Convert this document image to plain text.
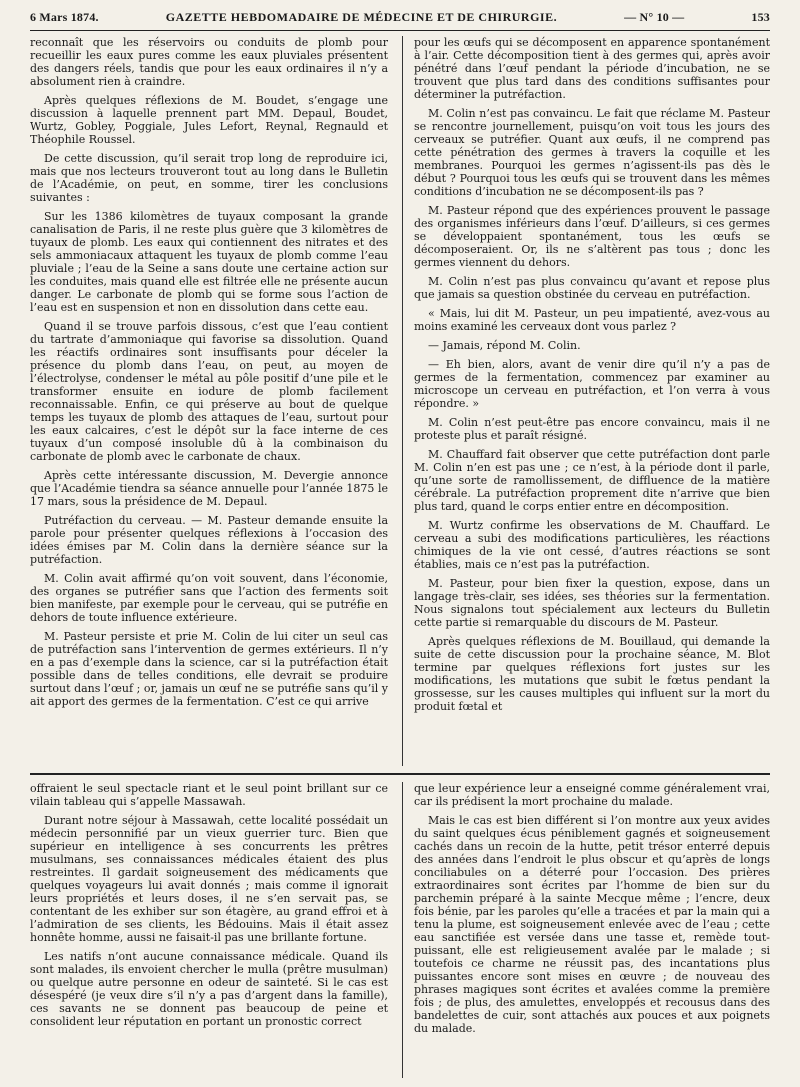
6 Mars 1874.	GAZETTE HEBDOMADAIRE DE MÉDECINE ET DE CHIRURGIE.	— N° 10 —	153

reconnaît que les réservoirs ou conduits de plomb pour recueillir les eaux pures comme les eaux pluviales présentent des dangers réels, tandis que pour les eaux ordinaires il n’y a absolument rien à craindre.

Après quelques réflexions de M. Boudet, s’engage une discussion à laquelle prennent part MM. Depaul, Boudet, Wurtz, Gobley, Poggiale, Jules Lefort, Reynal, Regnauld et Théophile Roussel.

De cette discussion, qu’il serait trop long de reproduire ici, mais que nos lecteurs trouveront tout au long dans le Bulletin de l’Académie, on peut, en somme, tirer les conclusions suivantes :

Sur les 1386 kilomètres de tuyaux composant la grande canalisation de Paris, il ne reste plus guère que 3 kilomètres de tuyaux de plomb. Les eaux qui contiennent des nitrates et des sels ammoniacaux attaquent les tuyaux de plomb comme l’eau pluviale ; l’eau de la Seine a sans doute une certaine action sur les conduites, mais quand elle est filtrée elle ne présente aucun danger. Le carbonate de plomb qui se forme sous l’action de l’eau est en suspension et non en dissolution dans cette eau.

Quand il se trouve parfois dissous, c’est que l’eau contient du tartrate d’ammoniaque qui favorise sa dissolution. Quand les réactifs ordinaires sont insuffisants pour déceler la présence du plomb dans l’eau, on peut, au moyen de l’électrolyse, condenser le métal au pôle positif d’une pile et le transformer ensuite en iodure de plomb facilement reconnaissable. Enfin, ce qui préserve au bout de quelque temps les tuyaux de plomb des attaques de l’eau, surtout pour les eaux calcaires, c’est le dépôt sur la face interne de ces tuyaux d’un composé insoluble dû à la combinaison du carbonate de plomb avec le carbonate de chaux.

Après cette intéressante discussion, M. Devergie annonce que l’Académie tiendra sa séance annuelle pour l’année 1875 le 17 mars, sous la présidence de M. Depaul.

Putréfaction du cerveau. — M. Pasteur demande ensuite la parole pour présenter quelques réflexions à l’occasion des idées émises par M. Colin dans la dernière séance sur la putréfaction.

M. Colin avait affirmé qu’on voit souvent, dans l’économie, des organes se putréfier sans que l’action des ferments soit bien manifeste, par exemple pour le cerveau, qui se putréfie en dehors de toute influence extérieure.

M. Pasteur persiste et prie M. Colin de lui citer un seul cas de putréfaction sans l’intervention de germes extérieurs. Il n’y en a pas d’exemple dans la science, car si la putréfaction était possible dans de telles conditions, elle devrait se produire surtout dans l’œuf ; or, jamais un œuf ne se putréfie sans qu’il y ait apport des germes de la fermentation. C’est ce qui arrive

pour les œufs qui se décomposent en apparence spontanément à l’air. Cette décomposition tient à des germes qui, après avoir pénétré dans l’œuf pendant la période d’incubation, ne se trouvent que plus tard dans des conditions suffisantes pour déterminer la putréfaction.

M. Colin n’est pas convaincu. Le fait que réclame M. Pasteur se rencontre journellement, puisqu’on voit tous les jours des cerveaux se putréfier. Quant aux œufs, il ne comprend pas cette pénétration des germes à travers la coquille et les membranes. Pourquoi les germes n’agissent-ils pas dès le début ? Pourquoi tous les œufs qui se trouvent dans les mêmes conditions d’incubation ne se décomposent-ils pas ?

M. Pasteur répond que des expériences prouvent le passage des organismes inférieurs dans l’œuf. D’ailleurs, si ces germes se développaient spontanément, tous les œufs se décomposeraient. Or, ils ne s’altèrent pas tous ; donc les germes viennent du dehors.

M. Colin n’est pas plus convaincu qu’avant et repose plus que jamais sa question obstinée du cerveau en putréfaction.

« Mais, lui dit M. Pasteur, un peu impatienté, avez-vous au moins examiné les cerveaux dont vous parlez ?

— Jamais, répond M. Colin.

— Eh bien, alors, avant de venir dire qu’il n’y a pas de germes de la fermentation, commencez par examiner au microscope un cerveau en putréfaction, et l’on verra à vous répondre. »

M. Colin n’est peut-être pas encore convaincu, mais il ne proteste plus et paraît résigné.

M. Chauffard fait observer que cette putréfaction dont parle M. Colin n’en est pas une ; ce n’est, à la période dont il parle, qu’une sorte de ramollissement, de diffluence de la matière cérébrale. La putréfaction proprement dite n’arrive que bien plus tard, quand le corps entier entre en décomposition.

M. Wurtz confirme les observations de M. Chauffard. Le cerveau a subi des modifications particulières, les réactions chimiques de la vie ont cessé, d’autres réactions se sont établies, mais ce n’est pas la putréfaction.

M. Pasteur, pour bien fixer la question, expose, dans un langage très-clair, ses idées, ses théories sur la fermentation. Nous signalons tout spécialement aux lecteurs du Bulletin cette partie si remarquable du discours de M. Pasteur.

Après quelques réflexions de M. Bouillaud, qui demande la suite de cette discussion pour la prochaine séance, M. Blot termine par quelques réflexions fort justes sur les modifications, les mutations que subit le fœtus pendant la grossesse, sur les causes multiples qui influent sur la mort du produit fœtal et

offraient le seul spectacle riant et le seul point brillant sur ce vilain tableau qui s’appelle Massawah.

Durant notre séjour à Massawah, cette localité possédait un médecin personnifié par un vieux guerrier turc. Bien que supérieur en intelligence à ses concurrents les prêtres musulmans, ses connaissances médicales étaient des plus restreintes. Il gardait soigneusement des médicaments que quelques voyageurs lui avait donnés ; mais comme il ignorait leurs propriétés et leurs doses, il ne s’en servait pas, se contentant de les exhiber sur son étagère, au grand effroi et à l’admiration de ses clients, les Bédouins. Mais il était assez honnête homme, aussi ne faisait-il pas une brillante fortune.

Les natifs n’ont aucune connaissance médicale. Quand ils sont malades, ils envoient chercher le mulla (prêtre musulman) ou quelque autre personne en odeur de sainteté. Si le cas est désespéré (je veux dire s’il n’y a pas d’argent dans la famille), ces savants ne se donnent pas beaucoup de peine et consolident leur réputation en portant un pronostic correct

que leur expérience leur a enseigné comme généralement vrai, car ils prédisent la mort prochaine du malade.

Mais le cas est bien différent si l’on montre aux yeux avides du saint quelques écus péniblement gagnés et soigneusement cachés dans un recoin de la hutte, petit trésor enterré depuis des années dans l’endroit le plus obscur et qu’après de longs conciliabules on a déterré pour l’occasion. Des prières extraordinaires sont écrites par l’homme de bien sur du parchemin préparé à la sainte Mecque même ; l’encre, deux fois bénie, par les paroles qu’elle a tracées et par la main qui a tenu la plume, est soigneusement enlevée avec de l’eau ; cette eau sanctifiée est versée dans une tasse et, remède tout-puissant, elle est religieusement avalée par le malade ; si toutefois ce charme ne réussit pas, des incantations plus puissantes encore sont mises en œuvre ; de nouveau des phrases magiques sont écrites et avalées comme la première fois ; de plus, des amulettes, enveloppés et recousus dans des bandelettes de cuir, sont attachés aux pouces et aux poignets du malade.
